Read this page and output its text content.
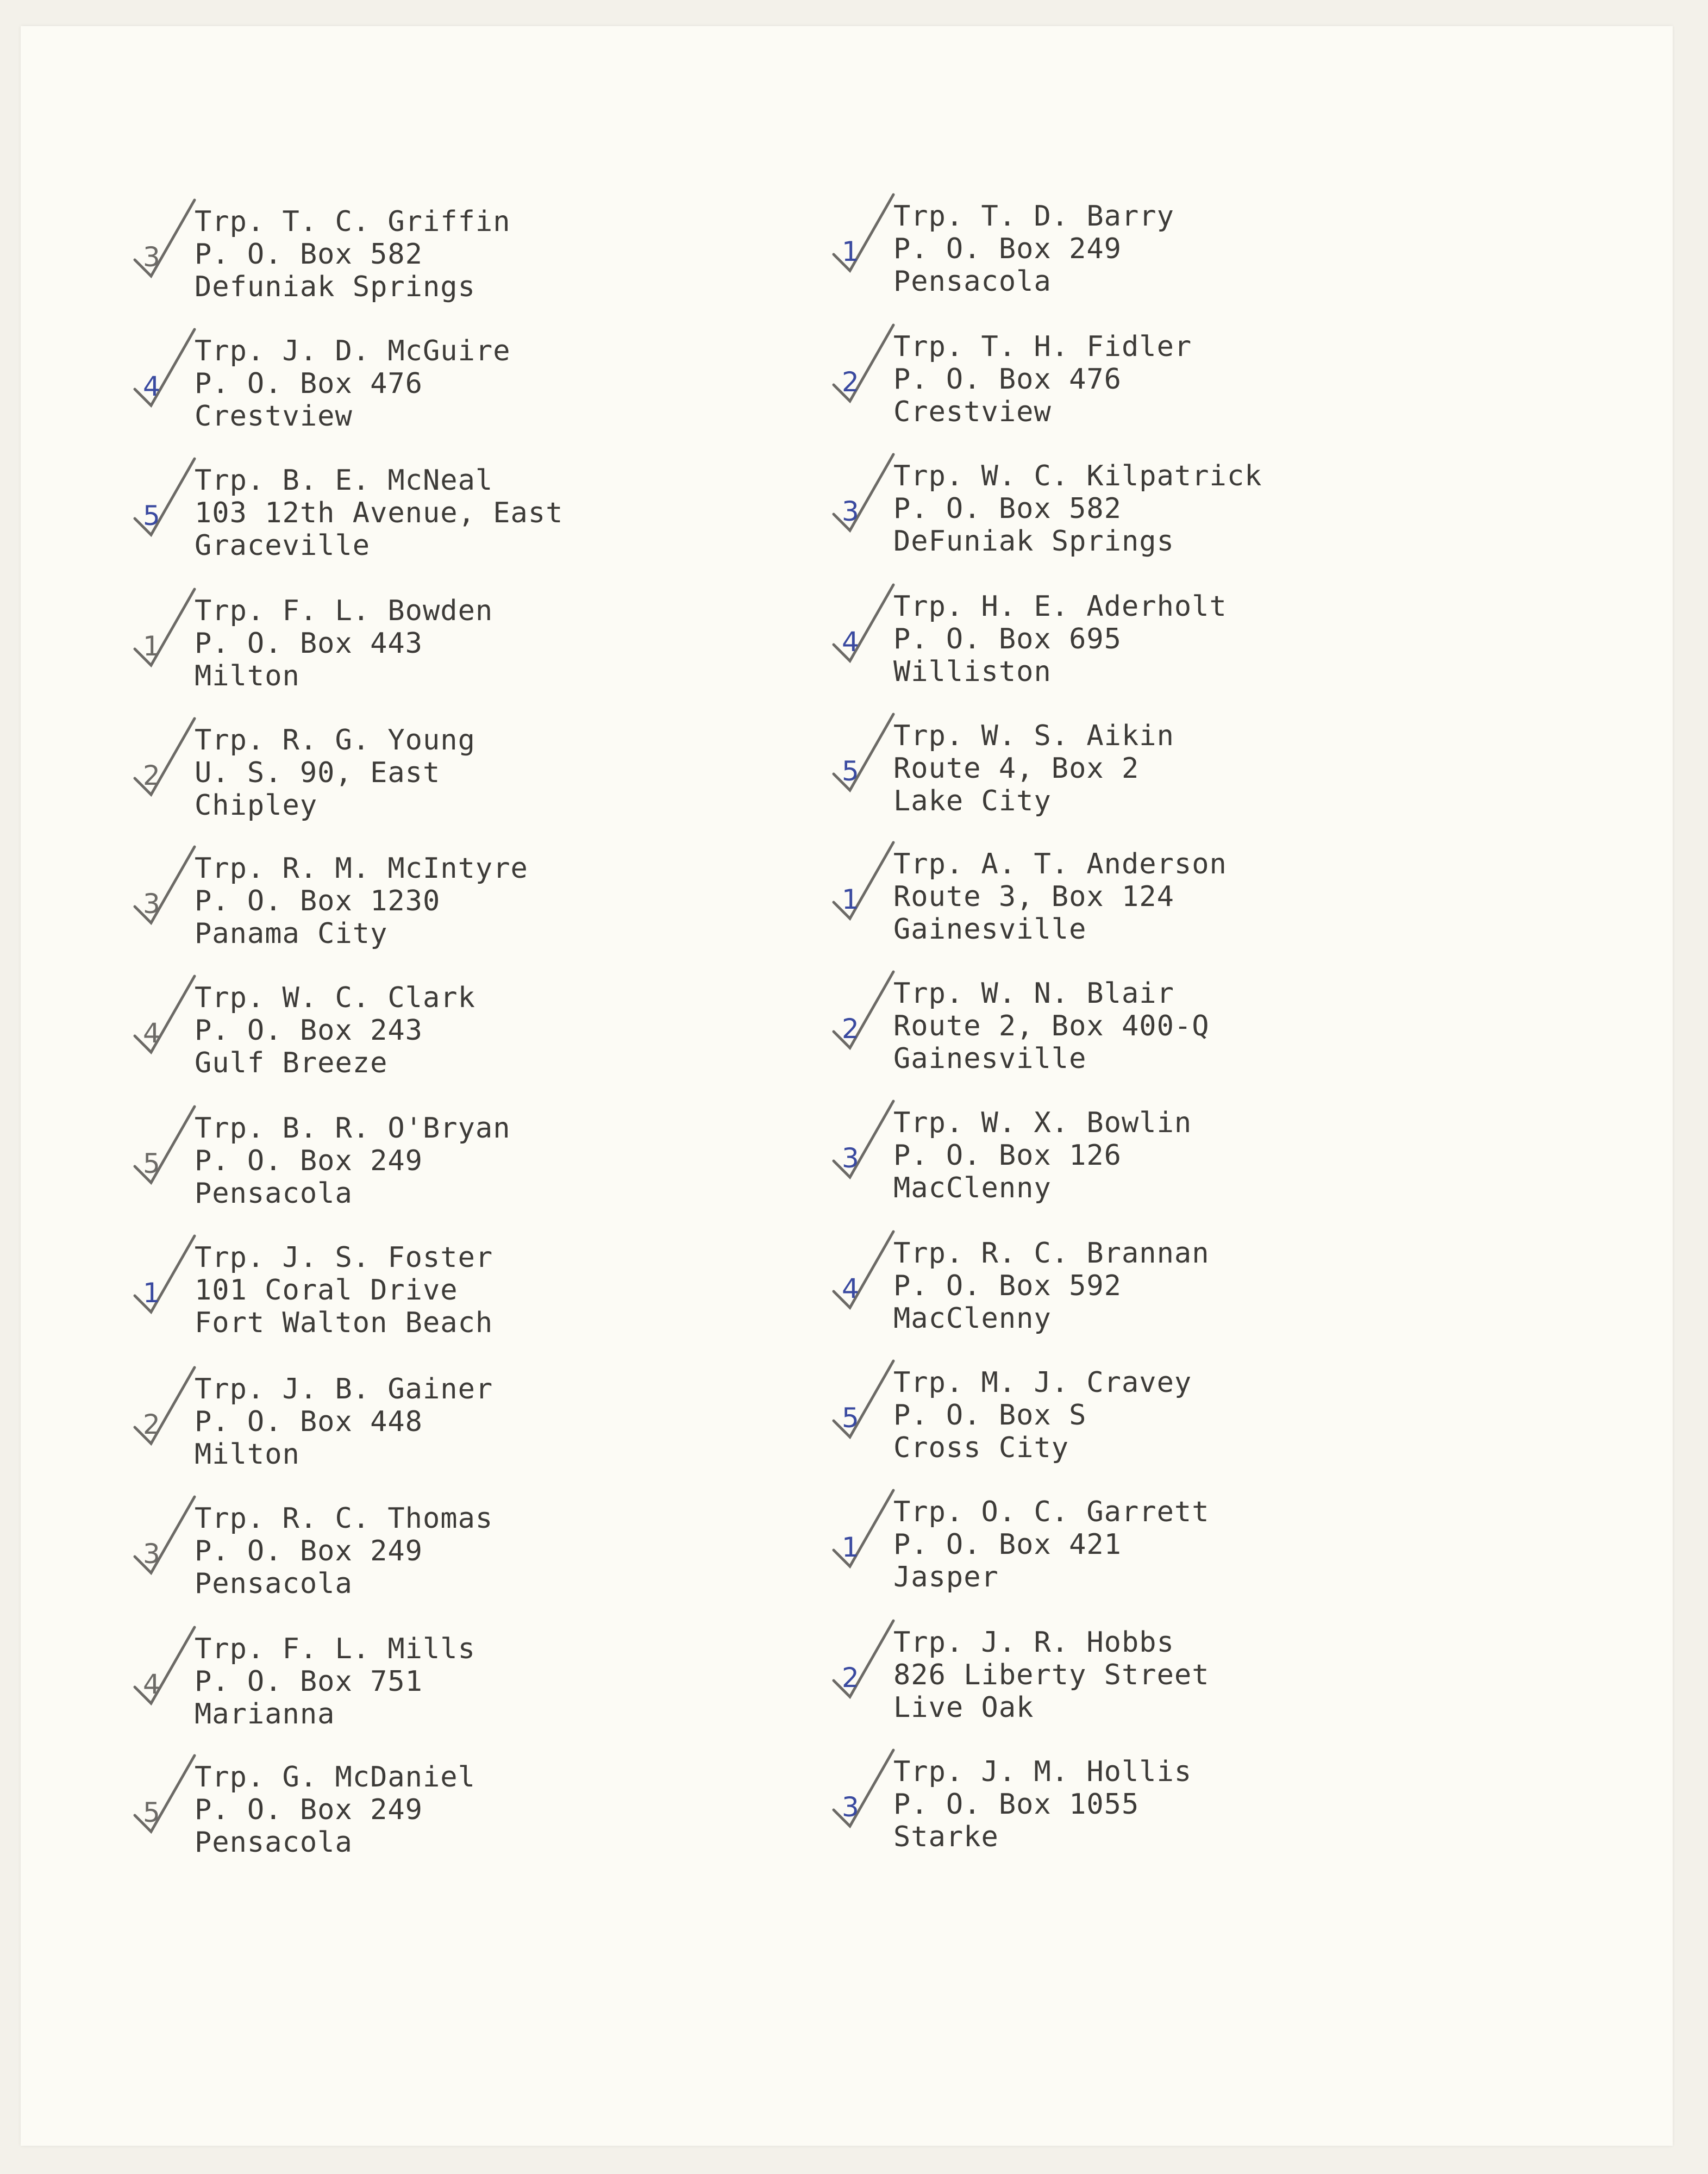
Trp. T. C. Griffin
P. O. Box 582
Defuniak Springs
3
Trp. J. D. McGuire
P. O. Box 476
Crestview
4
Trp. B. E. McNeal
103 12th Avenue, East
Graceville
5
Trp. F. L. Bowden
P. O. Box 443
Milton
1
Trp. R. G. Young
U. S. 90, East
Chipley
2
Trp. R. M. McIntyre
P. O. Box 1230
Panama City
3
Trp. W. C. Clark
P. O. Box 243
Gulf Breeze
4
Trp. B. R. O'Bryan
P. O. Box 249
Pensacola
5
Trp. J. S. Foster
101 Coral Drive
Fort Walton Beach
1
Trp. J. B. Gainer
P. O. Box 448
Milton
2
Trp. R. C. Thomas
P. O. Box 249
Pensacola
3
Trp. F. L. Mills
P. O. Box 751
Marianna
4
Trp. G. McDaniel
P. O. Box 249
Pensacola
5
Trp. T. D. Barry
P. O. Box 249
Pensacola
1
Trp. T. H. Fidler
P. O. Box 476
Crestview
2
Trp. W. C. Kilpatrick
P. O. Box 582
DeFuniak Springs
3
Trp. H. E. Aderholt
P. O. Box 695
Williston
4
Trp. W. S. Aikin
Route 4, Box 2
Lake City
5
Trp. A. T. Anderson
Route 3, Box 124
Gainesville
1
Trp. W. N. Blair
Route 2, Box 400-Q
Gainesville
2
Trp. W. X. Bowlin
P. O. Box 126
MacClenny
3
Trp. R. C. Brannan
P. O. Box 592
MacClenny
4
Trp. M. J. Cravey
P. O. Box S
Cross City
5
Trp. O. C. Garrett
P. O. Box 421
Jasper
1
Trp. J. R. Hobbs
826 Liberty Street
Live Oak
2
Trp. J. M. Hollis
P. O. Box 1055
Starke
3
